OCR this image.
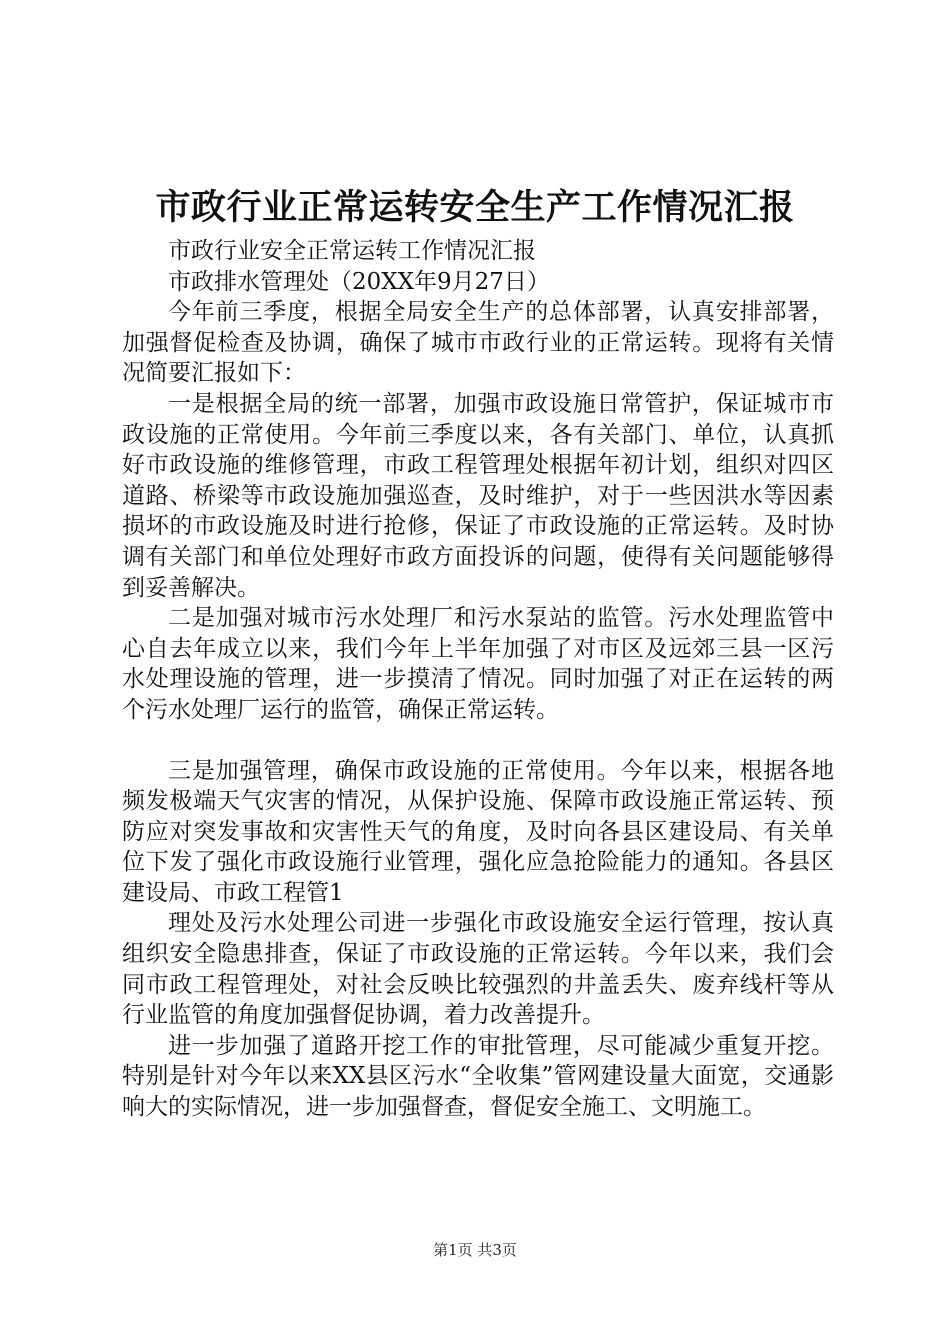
市政行业正常运转安全生产工作情况汇报

市政行业安全正常运转工作情况汇报

市政排水管理处（20XX年9月27日）

今年前三季度，根据全局安全生产的总体部署，认真安排部署，加强督促检查及协调，确保了城市市政行业的正常运转。现将有关情况简要汇报如下：

一是根据全局的统一部署，加强市政设施日常管护，保证城市市政设施的正常使用。今年前三季度以来，各有关部门、单位，认真抓好市政设施的维修管理，市政工程管理处根据年初计划，组织对四区道路、桥梁等市政设施加强巡查，及时维护，对于一些因洪水等因素损坏的市政设施及时进行抢修，保证了市政设施的正常运转。及时协调有关部门和单位处理好市政方面投诉的问题，使得有关问题能够得到妥善解决。

二是加强对城市污水处理厂和污水泵站的监管。污水处理监管中心自去年成立以来，我们今年上半年加强了对市区及远郊三县一区污水处理设施的管理，进一步摸清了情况。同时加强了对正在运转的两个污水处理厂运行的监管，确保正常运转。

三是加强管理，确保市政设施的正常使用。今年以来，根据各地频发极端天气灾害的情况，从保护设施、保障市政设施正常运转、预防应对突发事故和灾害性天气的角度，及时向各县区建设局、有关单位下发了强化市政设施行业管理，强化应急抢险能力的通知。各县区建设局、市政工程管1

理处及污水处理公司进一步强化市政设施安全运行管理，按认真组织安全隐患排查，保证了市政设施的正常运转。今年以来，我们会同市政工程管理处，对社会反映比较强烈的井盖丢失、废弃线杆等从行业监管的角度加强督促协调，着力改善提升。

进一步加强了道路开挖工作的审批管理，尽可能减少重复开挖。特别是针对今年以来XX县区污水“全收集”管网建设量大面宽，交通影响大的实际情况，进一步加强督查，督促安全施工、文明施工。

第1页 共3页
